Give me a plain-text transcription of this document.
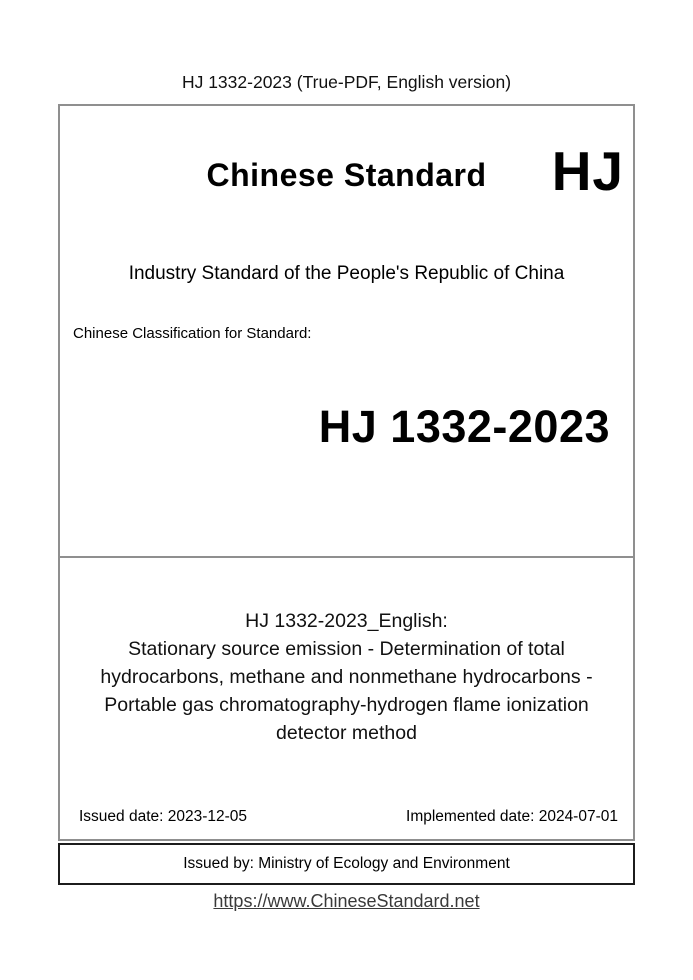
HJ 1332-2023 (True-PDF, English version)
Chinese Standard	HJ
Industry Standard of the People's Republic of China
Chinese Classification for Standard:
HJ 1332-2023
HJ 1332-2023_English:
Stationary source emission - Determination of total
hydrocarbons, methane and nonmethane hydrocarbons -
Portable gas chromatography-hydrogen flame ionization
detector method
Issued date: 2023-12-05	Implemented date: 2024-07-01
Issued by: Ministry of Ecology and Environment
https://www.ChineseStandard.net
